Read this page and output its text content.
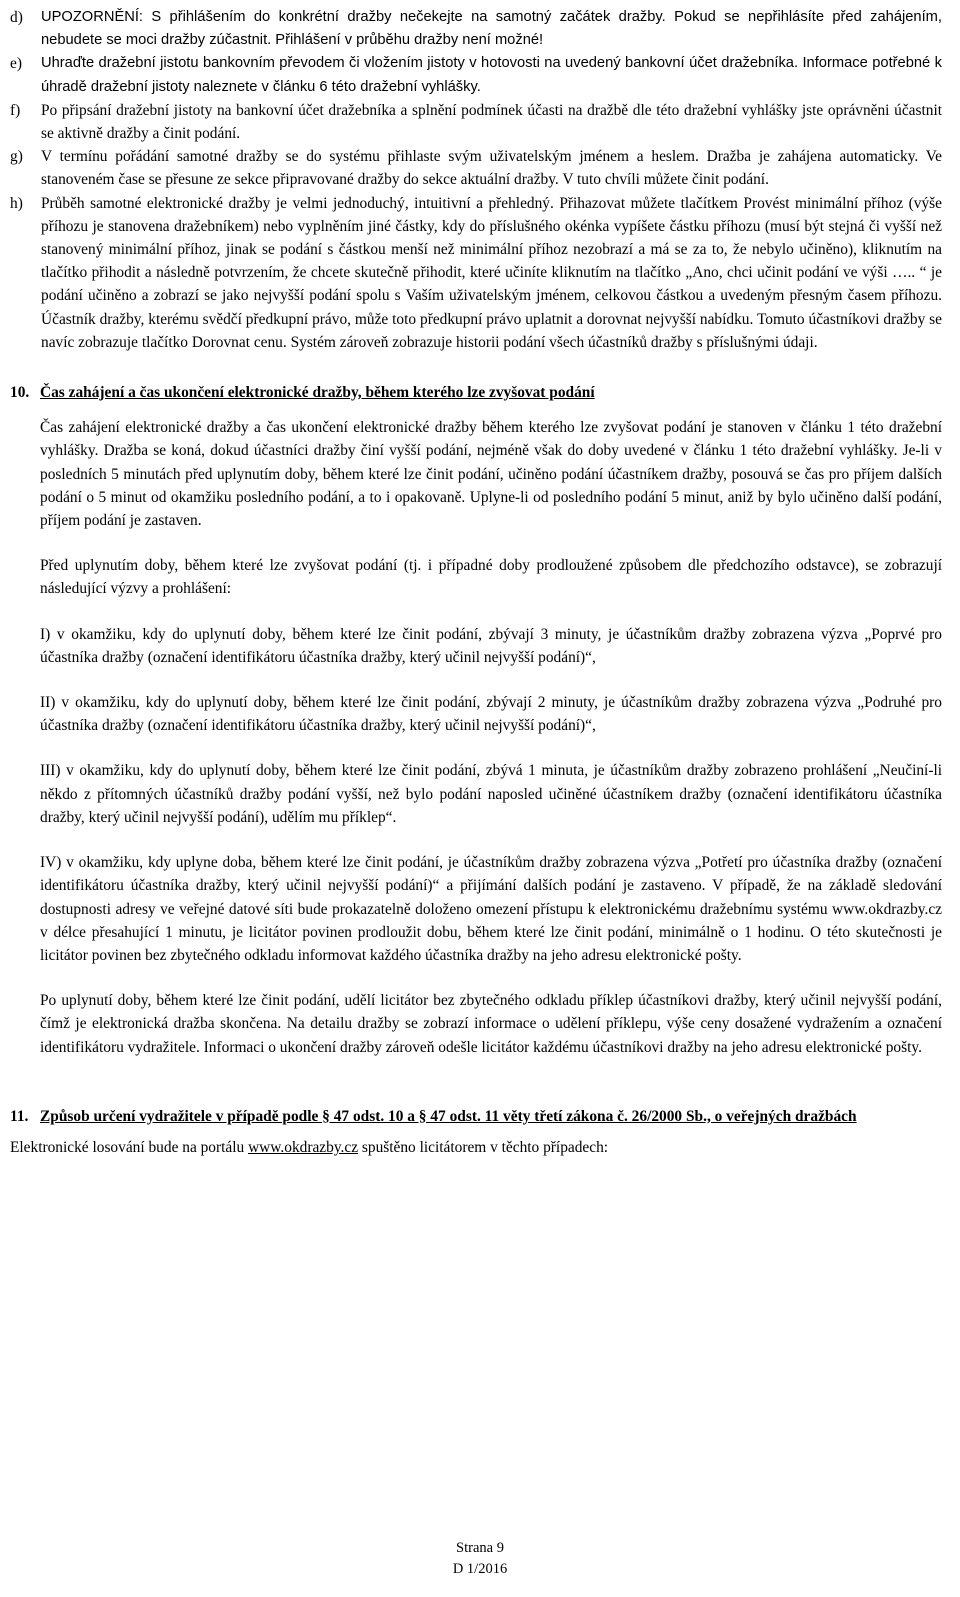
d)	UPOZORNĚNÍ: S přihlášením do konkrétní dražby nečekejte na samotný začátek dražby. Pokud se nepřihlásíte před zahájením, nebudete se moci dražby zúčastnit. Přihlášení v průběhu dražby není možné!
e)	Uhraďte dražební jistotu bankovním převodem či vložením jistoty v hotovosti na uvedený bankovní účet dražebníka. Informace potřebné k úhradě dražební jistoty naleznete v článku 6 této dražební vyhlášky.
f)	Po připsání dražební jistoty na bankovní účet dražebníka a splnění podmínek účasti na dražbě dle této dražební vyhlášky jste oprávněni účastnit se aktivně dražby a činit podání.
g)	V termínu pořádání samotné dražby se do systému přihlaste svým uživatelským jménem a heslem. Dražba je zahájena automaticky. Ve stanoveném čase se přesune ze sekce připravované dražby do sekce aktuální dražby. V tuto chvíli můžete činit podání.
h)	Průběh samotné elektronické dražby je velmi jednoduchý, intuitivní a přehledný. Přihazovat můžete tlačítkem Provést minimální příhoz (výše příhozu je stanovena dražebníkem) nebo vyplněním jiné částky, kdy do příslušného okénka vypíšete částku příhozu (musí být stejná či vyšší než stanovený minimální příhoz, jinak se podání s částkou menší než minimální příhoz nezobrazí a má se za to, že nebylo učiněno), kliknutím na tlačítko přihodit a následně potvrzením, že chcete skutečně přihodit, které učiníte kliknutím na tlačítko „Ano, chci učinit podání ve výši ….. “ je podání učiněno a zobrazí se jako nejvyšší podání spolu s Vaším uživatelským jménem, celkovou částkou a uvedeným přesným časem příhozu. Účastník dražby, kterému svědčí předkupní právo, může toto předkupní právo uplatnit a dorovnat nejvyšší nabídku. Tomuto účastníkovi dražby se navíc zobrazuje tlačítko Dorovnat cenu. Systém zároveň zobrazuje historii podání všech účastníků dražby s příslušnými údaji.
10. Čas zahájení a čas ukončení elektronické dražby, během kterého lze zvyšovat podání

Čas zahájení elektronické dražby a čas ukončení elektronické dražby během kterého lze zvyšovat podání je stanoven v článku 1 této dražební vyhlášky. Dražba se koná, dokud účastníci dražby činí vyšší podání, nejméně však do doby uvedené v článku 1 této dražební vyhlášky. Je-li v posledních 5 minutách před uplynutím doby, během které lze činit podání, učiněno podání účastníkem dražby, posouvá se čas pro příjem dalších podání o 5 minut od okamžiku posledního podání, a to i opakovaně. Uplyne-li od posledního podání 5 minut, aniž by bylo učiněno další podání, příjem podání je zastaven.

Před uplynutím doby, během které lze zvyšovat podání (tj. i případné doby prodloužené způsobem dle předchozího odstavce), se zobrazují následující výzvy a prohlášení:

I) v okamžiku, kdy do uplynutí doby, během které lze činit podání, zbývají 3 minuty, je účastníkům dražby zobrazena výzva „Poprvé pro účastníka dražby (označení identifikátoru účastníka dražby, který učinil nejvyšší podání)“,

II) v okamžiku, kdy do uplynutí doby, během které lze činit podání, zbývají 2 minuty, je účastníkům dražby zobrazena výzva „Podruhé pro účastníka dražby (označení identifikátoru účastníka dražby, který učinil nejvyšší podání)“,

III) v okamžiku, kdy do uplynutí doby, během které lze činit podání, zbývá 1 minuta, je účastníkům dražby zobrazeno prohlášení „Neučiní-li někdo z přítomných účastníků dražby podání vyšší, než bylo podání naposled učiněné účastníkem dražby (označení identifikátoru účastníka dražby, který učinil nejvyšší podání), udělím mu příklep“.

IV) v okamžiku, kdy uplyne doba, během které lze činit podání, je účastníkům dražby zobrazena výzva „Potřetí pro účastníka dražby (označení identifikátoru účastníka dražby, který učinil nejvyšší podání)“ a přijímání dalších podání je zastaveno. V případě, že na základě sledování dostupnosti adresy ve veřejné datové síti bude prokazatelně doloženo omezení přístupu k elektronickému dražebnímu systému www.okdrazby.cz v délce přesahující 1 minutu, je licitátor povinen prodloužit dobu, během které lze činit podání, minimálně o 1 hodinu. O této skutečnosti je licitátor povinen bez zbytečného odkladu informovat každého účastníka dražby na jeho adresu elektronické pošty.

Po uplynutí doby, během které lze činit podání, udělí licitátor bez zbytečného odkladu příklep účastníkovi dražby, který učinil nejvyšší podání, čímž je elektronická dražba skončena. Na detailu dražby se zobrazí informace o udělení příklepu, výše ceny dosažené vydražením a označení identifikátoru vydražitele. Informaci o ukončení dražby zároveň odešle licitátor každému účastníkovi dražby na jeho adresu elektronické pošty.

11. Způsob určení vydražitele v případě podle § 47 odst. 10 a § 47 odst. 11 věty třetí zákona č. 26/2000 Sb., o veřejných dražbách

Elektronické losování bude na portálu www.okdrazby.cz spuštěno licitátorem v těchto případech:

Strana 9
D 1/2016
